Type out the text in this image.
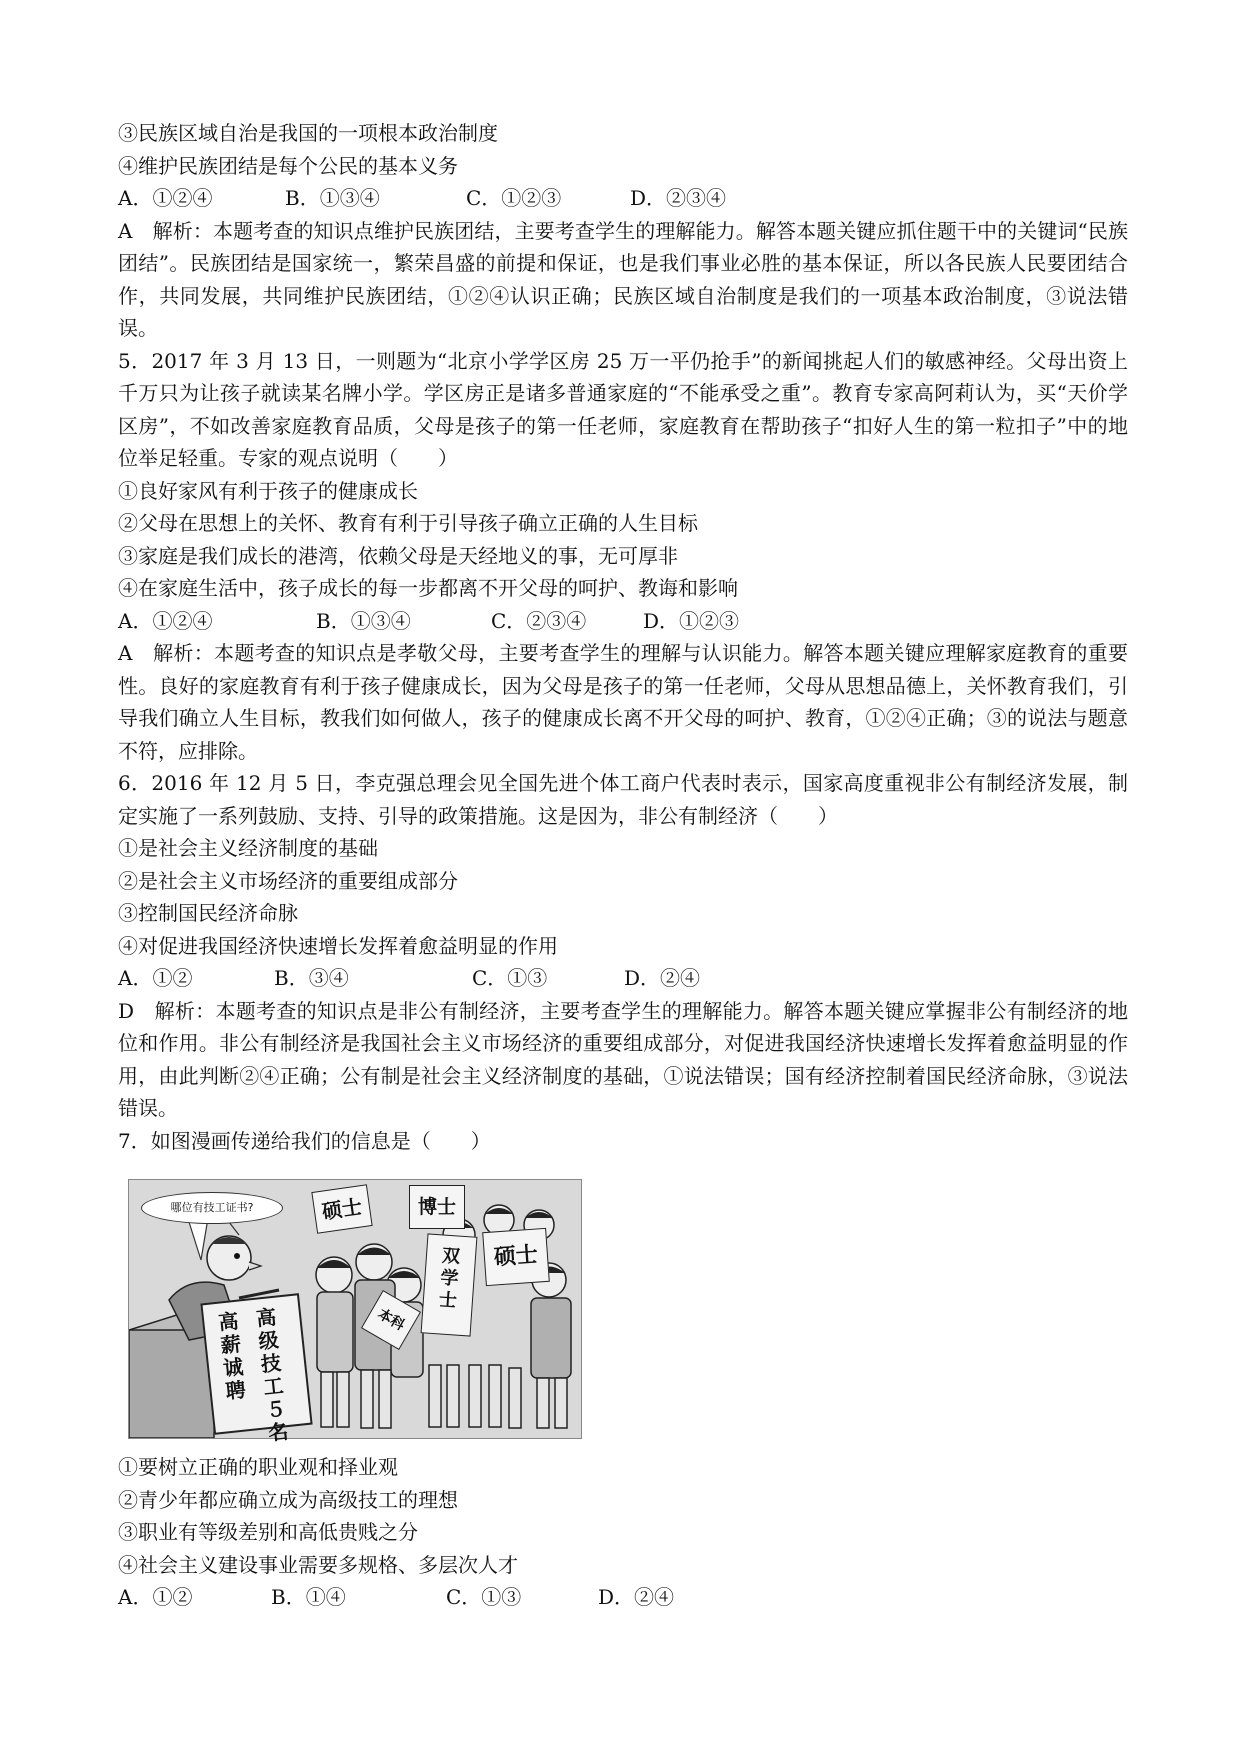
③民族区域自治是我国的一项根本政治制度
④维护民族团结是每个公民的基本义务
A．①②④	B．①③④	C．①②③	D．②③④
A　解析：本题考查的知识点维护民族团结，主要考查学生的理解能力。解答本题关键应抓住题干中的关键词“民族团结”。民族团结是国家统一，繁荣昌盛的前提和保证，也是我们事业必胜的基本保证，所以各民族人民要团结合作，共同发展，共同维护民族团结，①②④认识正确；民族区域自治制度是我们的一项基本政治制度，③说法错误。
5．2017 年 3 月 13 日，一则题为“北京小学学区房 25 万一平仍抢手”的新闻挑起人们的敏感神经。父母出资上千万只为让孩子就读某名牌小学。学区房正是诸多普通家庭的“不能承受之重”。教育专家高阿莉认为，买“天价学区房”，不如改善家庭教育品质，父母是孩子的第一任老师，家庭教育在帮助孩子“扣好人生的第一粒扣子”中的地位举足轻重。专家的观点说明（　　）
①良好家风有利于孩子的健康成长
②父母在思想上的关怀、教育有利于引导孩子确立正确的人生目标
③家庭是我们成长的港湾，依赖父母是天经地义的事，无可厚非
④在家庭生活中，孩子成长的每一步都离不开父母的呵护、教诲和影响
A．①②④	B．①③④	C．②③④	D．①②③
A　解析：本题考查的知识点是孝敬父母，主要考查学生的理解与认识能力。解答本题关键应理解家庭教育的重要性。良好的家庭教育有利于孩子健康成长，因为父母是孩子的第一任老师，父母从思想品德上，关怀教育我们，引导我们确立人生目标，教我们如何做人，孩子的健康成长离不开父母的呵护、教育，①②④正确；③的说法与题意不符，应排除。
6．2016 年 12 月 5 日，李克强总理会见全国先进个体工商户代表时表示，国家高度重视非公有制经济发展，制定实施了一系列鼓励、支持、引导的政策措施。这是因为，非公有制经济（　　）
①是社会主义经济制度的基础
②是社会主义市场经济的重要组成部分
③控制国民经济命脉
④对促进我国经济快速增长发挥着愈益明显的作用
A．①②	B．③④	C．①③	D．②④
D　解析：本题考查的知识点是非公有制经济，主要考查学生的理解能力。解答本题关键应掌握非公有制经济的地位和作用。非公有制经济是我国社会主义市场经济的重要组成部分，对促进我国经济快速增长发挥着愈益明显的作用，由此判断②④正确；公有制是社会主义经济制度的基础，①说法错误；国有经济控制着国民经济命脉，③说法错误。
7．如图漫画传递给我们的信息是（　　）
哪位有技工证书?
高薪诚聘
高级技工５名
硕士	博士
硕士
双学士
本科
①要树立正确的职业观和择业观
②青少年都应确立成为高级技工的理想
③职业有等级差别和高低贵贱之分
④社会主义建设事业需要多规格、多层次人才
A．①②	B．①④	C．①③	D．②④
